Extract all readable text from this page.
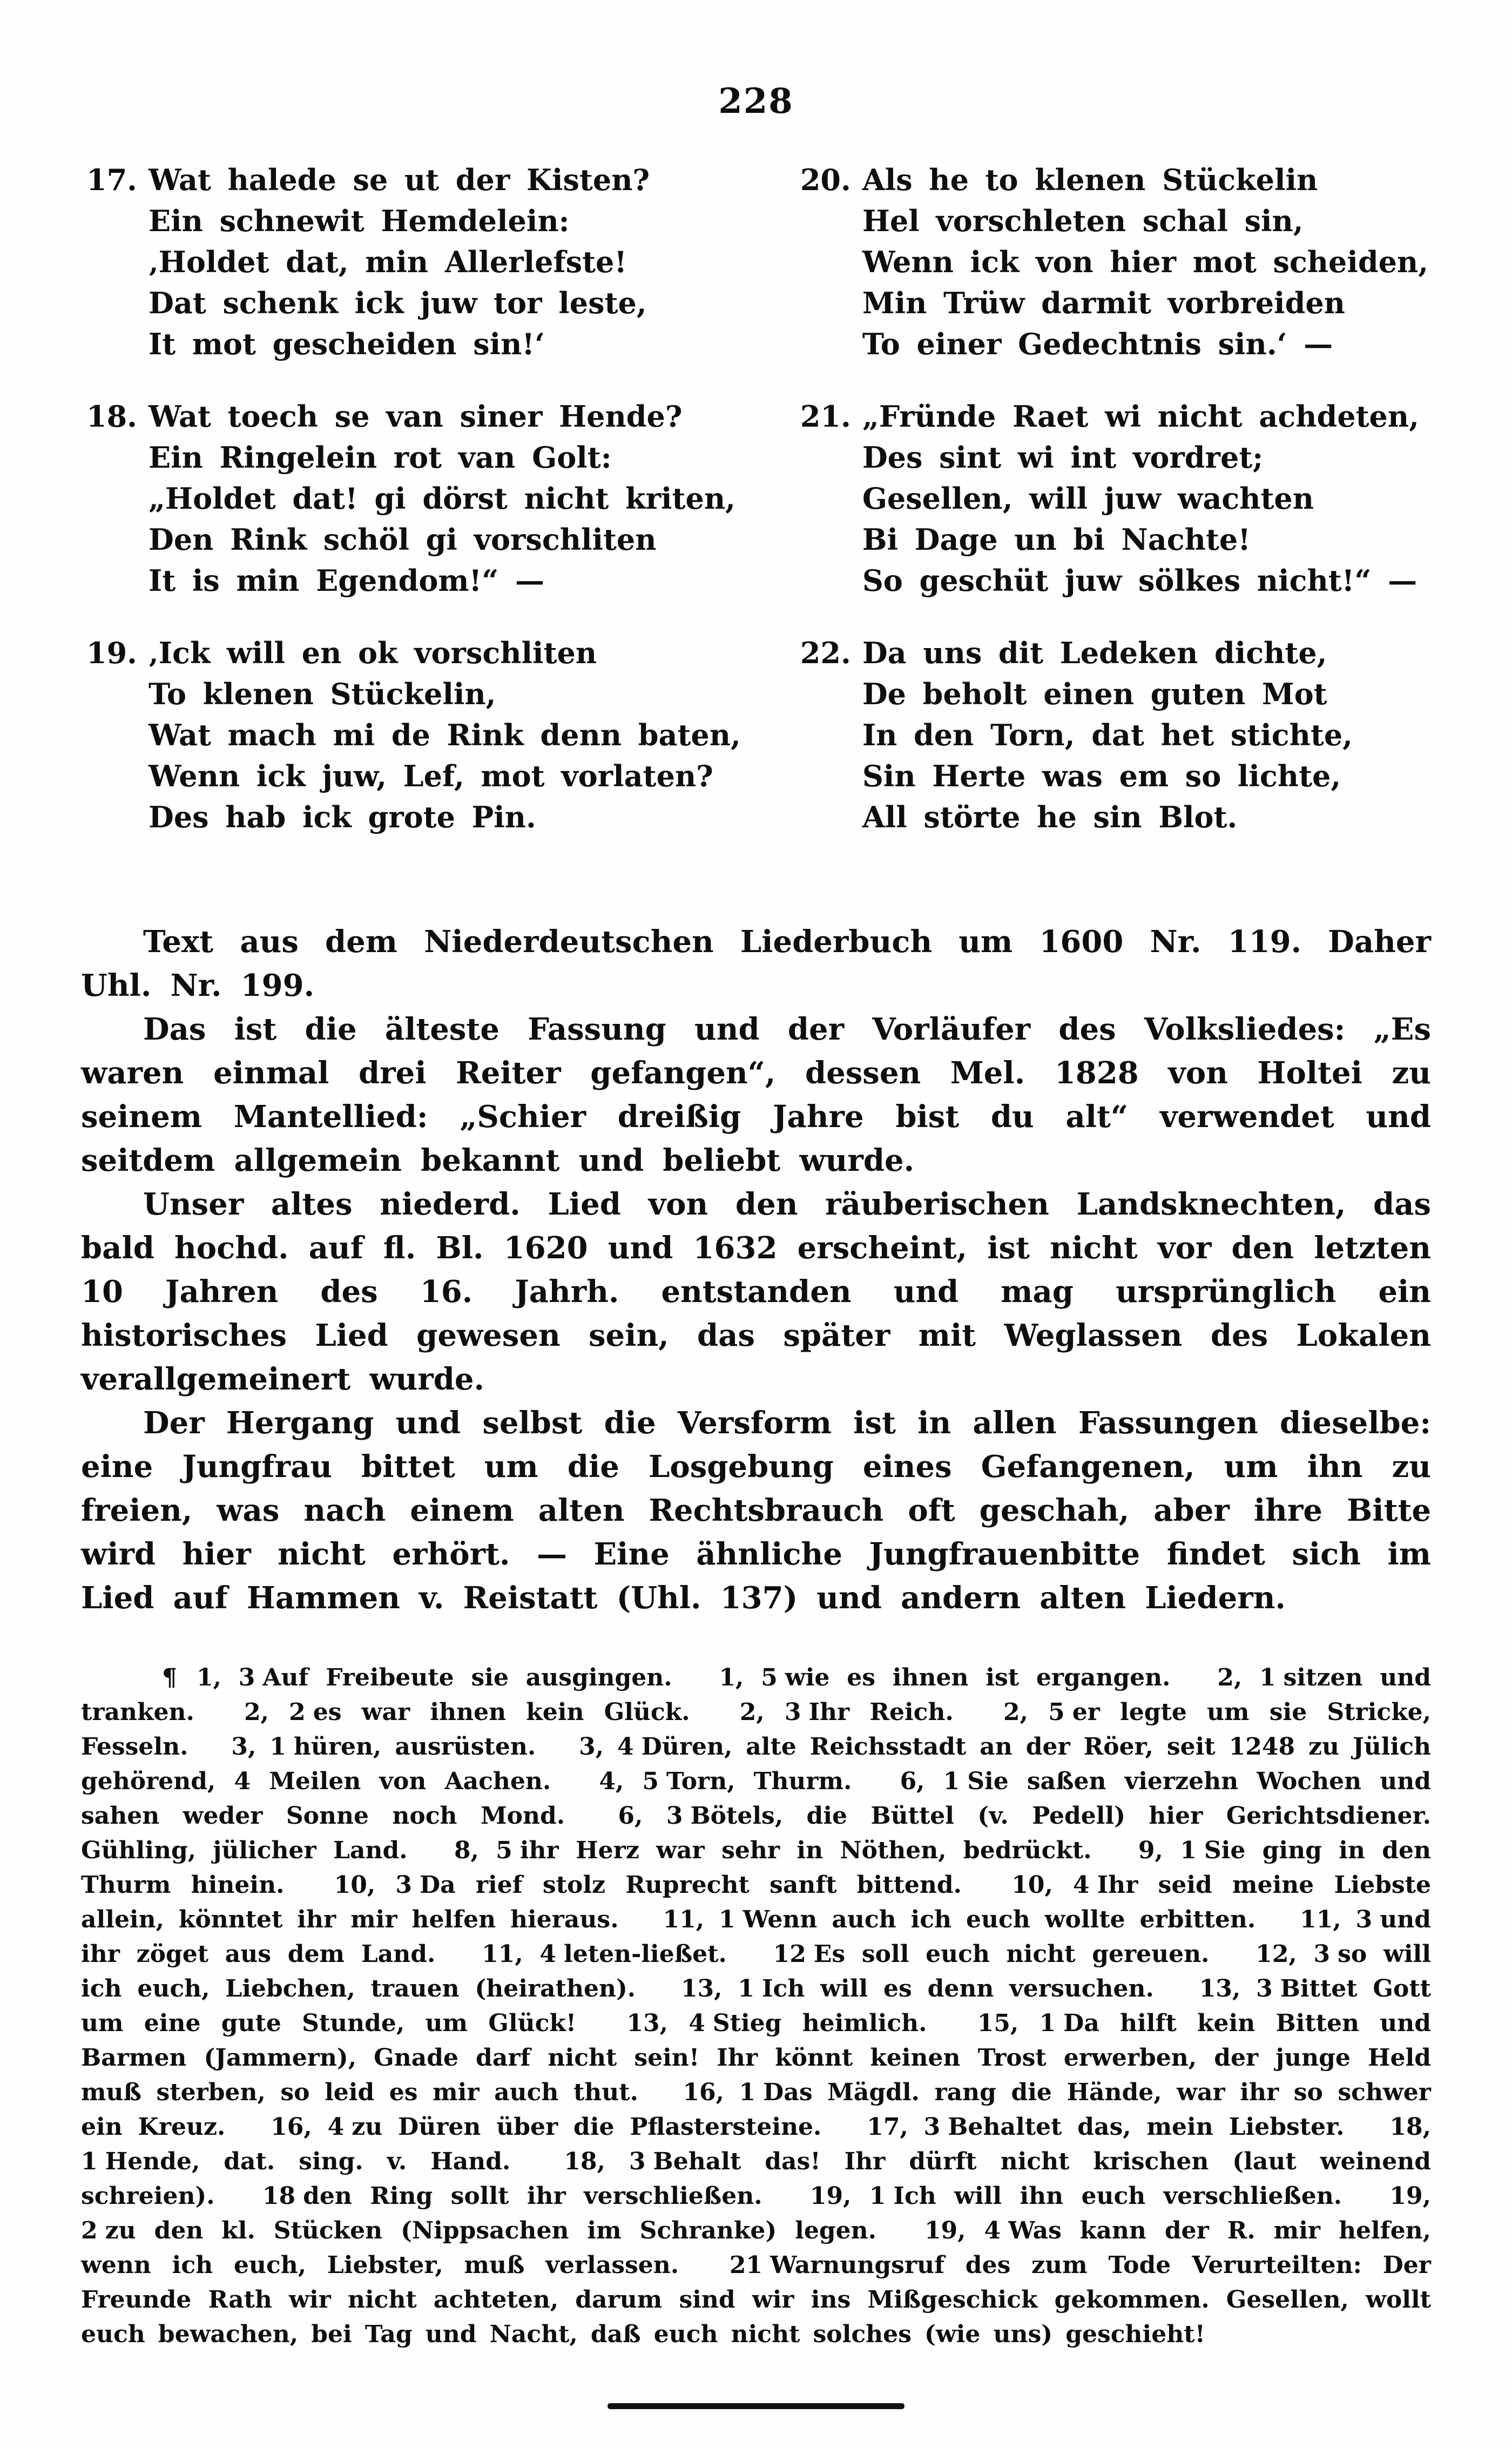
228
17. Wat halede se ut der Kisten?
Ein schnewit Hemdelein:
‚Holdet dat, min Allerlefste!
Dat schenk ick juw tor leste,
It mot gescheiden sin!‘
18. Wat toech se van siner Hende?
Ein Ringelein rot van Golt:
„Holdet dat! gi dörst nicht kriten,
Den Rink schöl gi vorschliten
It is min Egendom!“ —
19. ‚Ick will en ok vorschliten
To klenen Stückelin,
Wat mach mi de Rink denn baten,
Wenn ick juw, Lef, mot vorlaten?
Des hab ick grote Pin.
20. Als he to klenen Stückelin
Hel vorschleten schal sin,
Wenn ick von hier mot scheiden,
Min Trüw darmit vorbreiden
To einer Gedechtnis sin.‘ —
21. „Fründe Raet wi nicht achdeten,
Des sint wi int vordret;
Gesellen, will juw wachten
Bi Dage un bi Nachte!
So geschüt juw sölkes nicht!“ —
22. Da uns dit Ledeken dichte,
De beholt einen guten Mot
In den Torn, dat het stichte,
Sin Herte was em so lichte,
All störte he sin Blot.

Text aus dem Niederdeutschen Liederbuch um 1600 Nr. 119. Daher Uhl. Nr. 199.

Das ist die älteste Fassung und der Vorläufer des Volksliedes: „Es waren einmal drei Reiter gefangen“, dessen Mel. 1828 von Holtei zu seinem Mantellied: „Schier dreißig Jahre bist du alt“ verwendet und seitdem allgemein bekannt und beliebt wurde.

Unser altes niederd. Lied von den räuberischen Landsknechten, das bald hochd. auf fl. Bl. 1620 und 1632 erscheint, ist nicht vor den letzten 10 Jahren des 16. Jahrh. entstanden und mag ursprünglich ein historisches Lied gewesen sein, das später mit Weglassen des Lokalen verallgemeinert wurde.

Der Hergang und selbst die Versform ist in allen Fassungen dieselbe: eine Jungfrau bittet um die Losgebung eines Gefangenen, um ihn zu freien, was nach einem alten Rechtsbrauch oft geschah, aber ihre Bitte wird hier nicht erhört. — Eine ähnliche Jungfrauenbitte findet sich im Lied auf Hammen v. Reistatt (Uhl. 137) und andern alten Liedern.

¶ 1, 3 Auf Freibeute sie ausgingen. 1, 5 wie es ihnen ist ergangen. 2, 1 sitzen und tranken. 2, 2 es war ihnen kein Glück. 2, 3 Ihr Reich. 2, 5 er legte um sie Stricke, Fesseln. 3, 1 hüren, ausrüsten. 3, 4 Düren, alte Reichsstadt an der Röer, seit 1248 zu Jülich gehörend, 4 Meilen von Aachen. 4, 5 Torn, Thurm. 6, 1 Sie saßen vierzehn Wochen und sahen weder Sonne noch Mond. 6, 3 Bötels, die Büttel (v. Pedell) hier Gerichtsdiener. Gühling, jülicher Land. 8, 5 ihr Herz war sehr in Nöthen, bedrückt. 9, 1 Sie ging in den Thurm hinein. 10, 3 Da rief stolz Ruprecht sanft bittend. 10, 4 Ihr seid meine Liebste allein, könntet ihr mir helfen hieraus. 11, 1 Wenn auch ich euch wollte erbitten. 11, 3 und ihr zöget aus dem Land. 11, 4 leten-ließet. 12 Es soll euch nicht gereuen. 12, 3 so will ich euch, Liebchen, trauen (heirathen). 13, 1 Ich will es denn versuchen. 13, 3 Bittet Gott um eine gute Stunde, um Glück! 13, 4 Stieg heimlich. 15, 1 Da hilft kein Bitten und Barmen (Jammern), Gnade darf nicht sein! Ihr könnt keinen Trost erwerben, der junge Held muß sterben, so leid es mir auch thut. 16, 1 Das Mägdl. rang die Hände, war ihr so schwer ein Kreuz. 16, 4 zu Düren über die Pflastersteine. 17, 3 Behaltet das, mein Liebster. 18, 1 Hende, dat. sing. v. Hand. 18, 3 Behalt das! Ihr dürft nicht krischen (laut weinend schreien). 18 den Ring sollt ihr verschließen. 19, 1 Ich will ihn euch verschließen. 19, 2 zu den kl. Stücken (Nippsachen im Schranke) legen. 19, 4 Was kann der R. mir helfen, wenn ich euch, Liebster, muß verlassen. 21 Warnungsruf des zum Tode Verurteilten: Der Freunde Rath wir nicht achteten, darum sind wir ins Mißgeschick gekommen. Gesellen, wollt euch bewachen, bei Tag und Nacht, daß euch nicht solches (wie uns) geschieht!
